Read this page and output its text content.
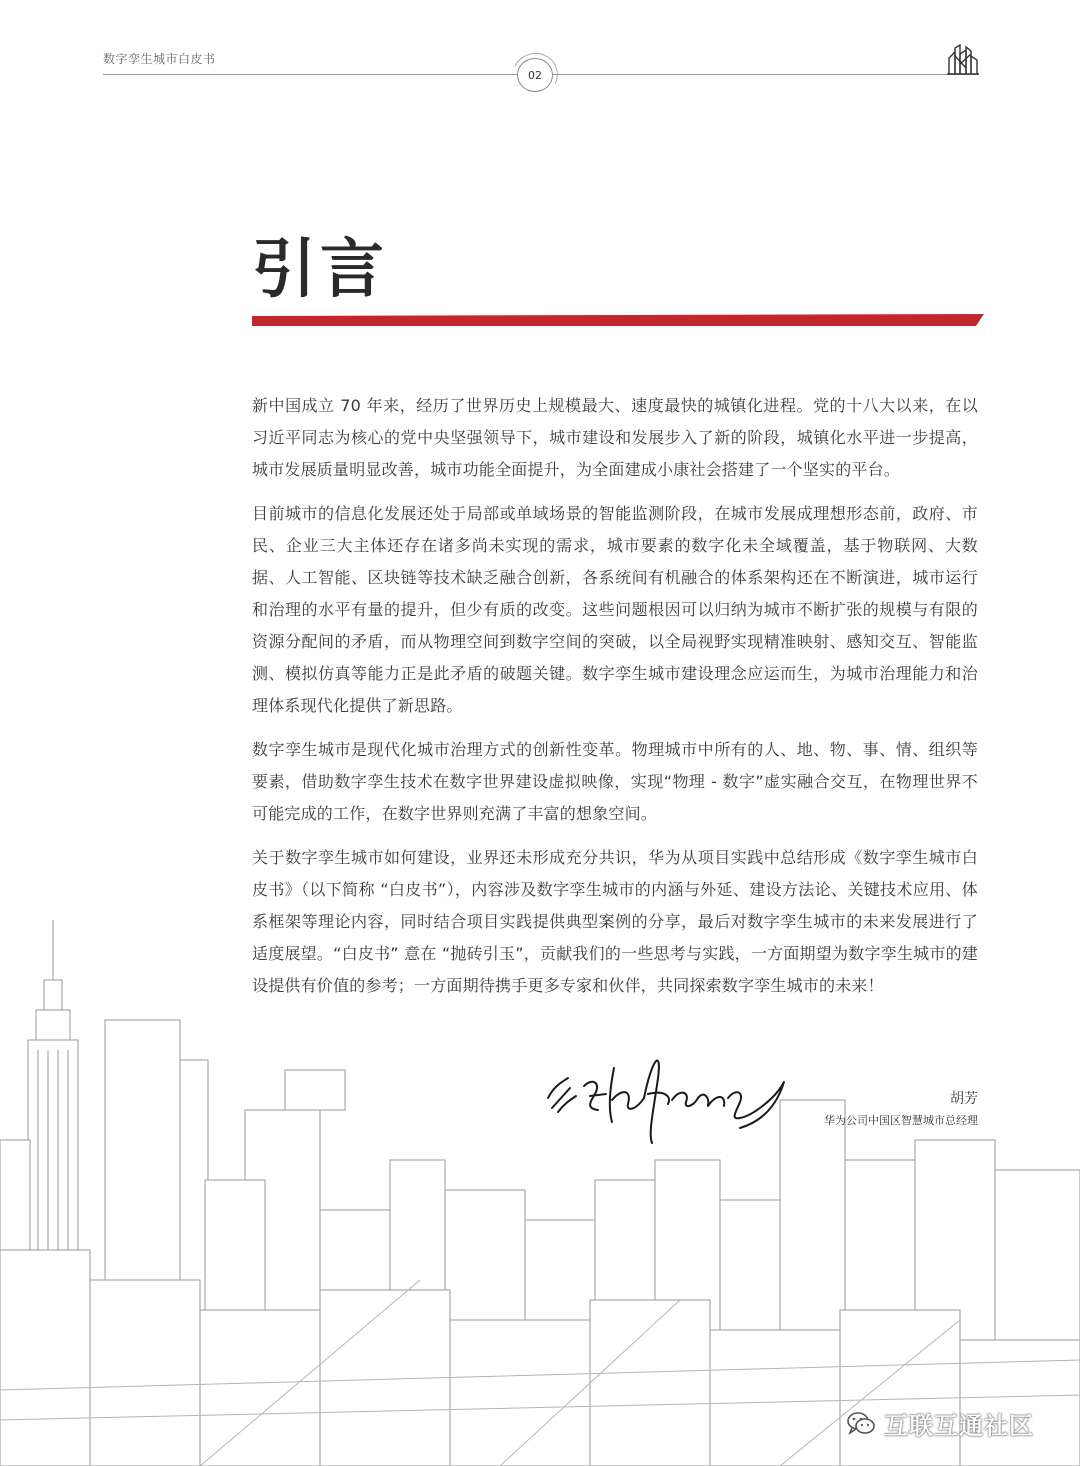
数字孪生城市白皮书
02
引言

新中国成立 70 年来，经历了世界历史上规模最大、速度最快的城镇化进程。党的十八大以来，在以习近平同志为核心的党中央坚强领导下，城市建设和发展步入了新的阶段，城镇化水平进一步提高，城市发展质量明显改善，城市功能全面提升，为全面建成小康社会搭建了一个坚实的平台。

目前城市的信息化发展还处于局部或单域场景的智能监测阶段，在城市发展成理想形态前，政府、市民、企业三大主体还存在诸多尚未实现的需求，城市要素的数字化未全域覆盖，基于物联网、大数据、人工智能、区块链等技术缺乏融合创新，各系统间有机融合的体系架构还在不断演进，城市运行和治理的水平有量的提升，但少有质的改变。这些问题根因可以归纳为城市不断扩张的规模与有限的资源分配间的矛盾，而从物理空间到数字空间的突破，以全局视野实现精准映射、感知交互、智能监测、模拟仿真等能力正是此矛盾的破题关键。数字孪生城市建设理念应运而生，为城市治理能力和治理体系现代化提供了新思路。

数字孪生城市是现代化城市治理方式的创新性变革。物理城市中所有的人、地、物、事、情、组织等要素，借助数字孪生技术在数字世界建设虚拟映像，实现“物理 - 数字”虚实融合交互，在物理世界不可能完成的工作，在数字世界则充满了丰富的想象空间。

关于数字孪生城市如何建设，业界还未形成充分共识，华为从项目实践中总结形成《数字孪生城市白皮书》（以下简称 “白皮书”），内容涉及数字孪生城市的内涵与外延、建设方法论、关键技术应用、体系框架等理论内容，同时结合项目实践提供典型案例的分享，最后对数字孪生城市的未来发展进行了适度展望。“白皮书” 意在 “抛砖引玉”，贡献我们的一些思考与实践，一方面期望为数字孪生城市的建设提供有价值的参考；一方面期待携手更多专家和伙伴，共同探索数字孪生城市的未来！

胡芳
华为公司中国区智慧城市总经理
互联互通社区
